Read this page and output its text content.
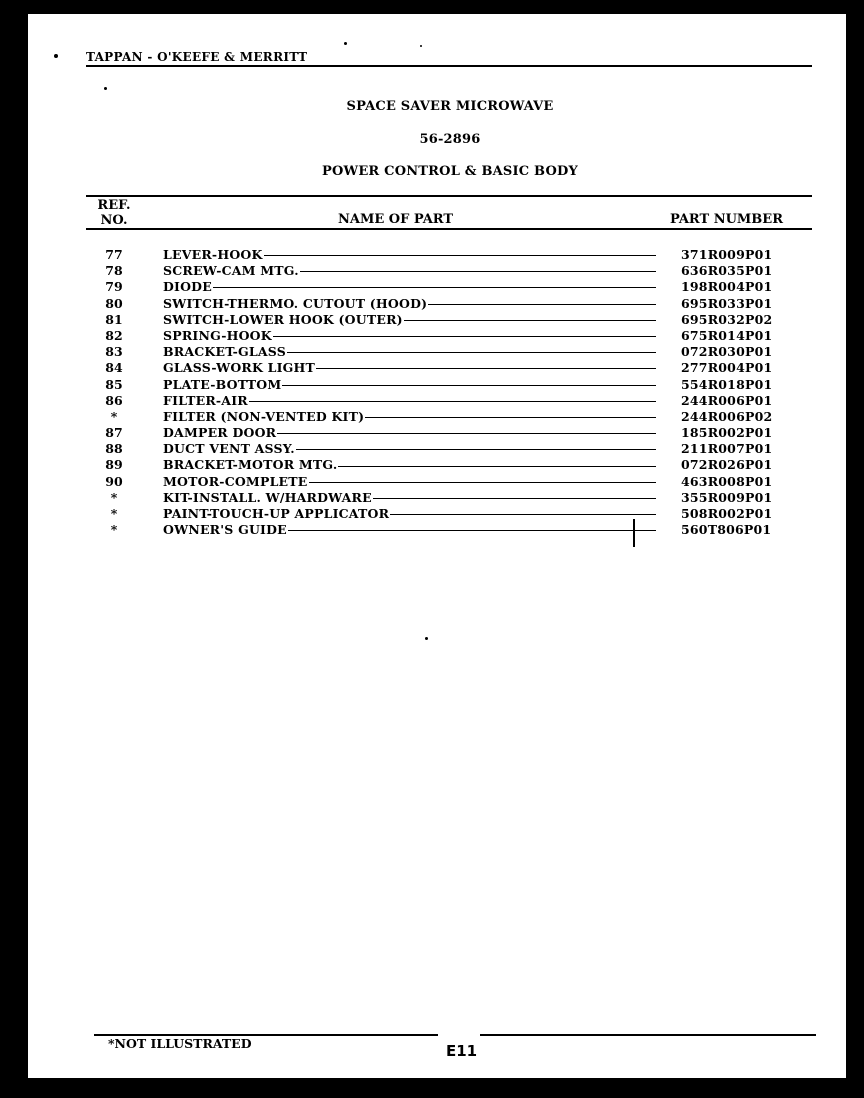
TAPPAN - O'KEEFE & MERRITT
SPACE SAVER MICROWAVE
56-2896
POWER CONTROL & BASIC BODY
REF.
NO.	NAME OF PART	PART NUMBER
77	LEVER-HOOK	371R009P01
78	SCREW-CAM MTG.	636R035P01
79	DIODE	198R004P01
80	SWITCH-THERMO. CUTOUT (HOOD)	695R033P01
81	SWITCH-LOWER HOOK (OUTER)	695R032P02
82	SPRING-HOOK	675R014P01
83	BRACKET-GLASS	072R030P01
84	GLASS-WORK LIGHT	277R004P01
85	PLATE-BOTTOM	554R018P01
86	FILTER-AIR	244R006P01
*	FILTER (NON-VENTED KIT)	244R006P02
87	DAMPER DOOR	185R002P01
88	DUCT VENT ASSY.	211R007P01
89	BRACKET-MOTOR MTG.	072R026P01
90	MOTOR-COMPLETE	463R008P01
*	KIT-INSTALL. W/HARDWARE	355R009P01
*	PAINT-TOUCH-UP APPLICATOR	508R002P01
*	OWNER'S GUIDE	560T806P01
*NOT ILLUSTRATED	E11
